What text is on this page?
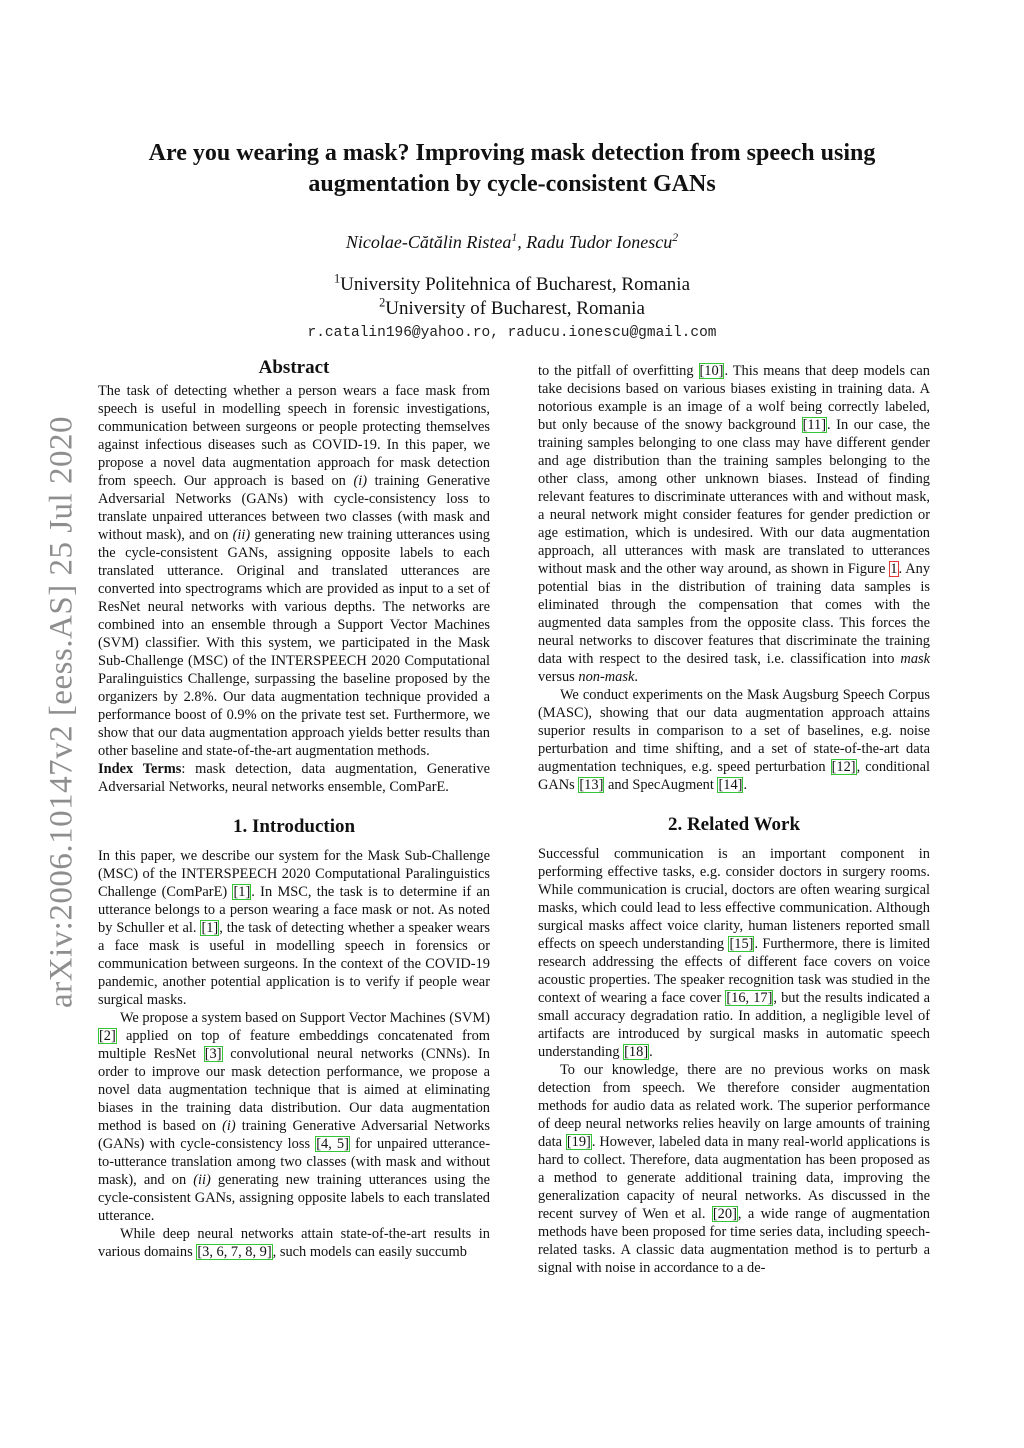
arXiv:2006.10147v2 [eess.AS] 25 Jul 2020
Are you wearing a mask? Improving mask detection from speech using
augmentation by cycle-consistent GANs
Nicolae-Cătălin Ristea$^1$, Radu Tudor Ionescu$^2$
$^1$University Politehnica of Bucharest, Romania
$^2$University of Bucharest, Romania
r.catalin196@yahoo.ro, raducu.ionescu@gmail.com
Abstract

The task of detecting whether a person wears a face mask from speech is useful in modelling speech in forensic investigations, communication between surgeons or people protecting themselves against infectious diseases such as COVID-19. In this paper, we propose a novel data augmentation approach for mask detection from speech. Our approach is based on (i) training Generative Adversarial Networks (GANs) with cycle-consistency loss to translate unpaired utterances between two classes (with mask and without mask), and on (ii) generating new training utterances using the cycle-consistent GANs, assigning opposite labels to each translated utterance. Original and translated utterances are converted into spectrograms which are provided as input to a set of ResNet neural networks with various depths. The networks are combined into an ensemble through a Support Vector Machines (SVM) classifier. With this system, we participated in the Mask Sub-Challenge (MSC) of the INTERSPEECH 2020 Computational Paralinguistics Challenge, surpassing the baseline proposed by the organizers by 2.8%. Our data augmentation technique provided a performance boost of 0.9% on the private test set. Furthermore, we show that our data augmentation approach yields better results than other baseline and state-of-the-art augmentation methods.

Index Terms: mask detection, data augmentation, Generative Adversarial Networks, neural networks ensemble, ComParE.

1. Introduction

In this paper, we describe our system for the Mask Sub-Challenge (MSC) of the INTERSPEECH 2020 Computational Paralinguistics Challenge (ComParE) [1]. In MSC, the task is to determine if an utterance belongs to a person wearing a face mask or not. As noted by Schuller et al. [1], the task of detecting whether a speaker wears a face mask is useful in modelling speech in forensics or communication between surgeons. In the context of the COVID-19 pandemic, another potential application is to verify if people wear surgical masks.

We propose a system based on Support Vector Machines (SVM) [2] applied on top of feature embeddings concatenated from multiple ResNet [3] convolutional neural networks (CNNs). In order to improve our mask detection performance, we propose a novel data augmentation technique that is aimed at eliminating biases in the training data distribution. Our data augmentation method is based on (i) training Generative Adversarial Networks (GANs) with cycle-consistency loss [4, 5] for unpaired utterance-to-utterance translation among two classes (with mask and without mask), and on (ii) generating new training utterances using the cycle-consistent GANs, assigning opposite labels to each translated utterance.

While deep neural networks attain state-of-the-art results in various domains [3, 6, 7, 8, 9], such models can easily succumb

to the pitfall of overfitting [10]. This means that deep models can take decisions based on various biases existing in training data. A notorious example is an image of a wolf being correctly labeled, but only because of the snowy background [11]. In our case, the training samples belonging to one class may have different gender and age distribution than the training samples belonging to the other class, among other unknown biases. Instead of finding relevant features to discriminate utterances with and without mask, a neural network might consider features for gender prediction or age estimation, which is undesired. With our data augmentation approach, all utterances with mask are translated to utterances without mask and the other way around, as shown in Figure 1. Any potential bias in the distribution of training data samples is eliminated through the compensation that comes with the augmented data samples from the opposite class. This forces the neural networks to discover features that discriminate the training data with respect to the desired task, i.e. classification into mask versus non-mask.

We conduct experiments on the Mask Augsburg Speech Corpus (MASC), showing that our data augmentation approach attains superior results in comparison to a set of baselines, e.g. noise perturbation and time shifting, and a set of state-of-the-art data augmentation techniques, e.g. speed perturbation [12], conditional GANs [13] and SpecAugment [14].

2. Related Work

Successful communication is an important component in performing effective tasks, e.g. consider doctors in surgery rooms. While communication is crucial, doctors are often wearing surgical masks, which could lead to less effective communication. Although surgical masks affect voice clarity, human listeners reported small effects on speech understanding [15]. Furthermore, there is limited research addressing the effects of different face covers on voice acoustic properties. The speaker recognition task was studied in the context of wearing a face cover [16, 17], but the results indicated a small accuracy degradation ratio. In addition, a negligible level of artifacts are introduced by surgical masks in automatic speech understanding [18].

To our knowledge, there are no previous works on mask detection from speech. We therefore consider augmentation methods for audio data as related work. The superior performance of deep neural networks relies heavily on large amounts of training data [19]. However, labeled data in many real-world applications is hard to collect. Therefore, data augmentation has been proposed as a method to generate additional training data, improving the generalization capacity of neural networks. As discussed in the recent survey of Wen et al. [20], a wide range of augmentation methods have been proposed for time series data, including speech-related tasks. A classic data augmentation method is to perturb a signal with noise in accordance to a de-
